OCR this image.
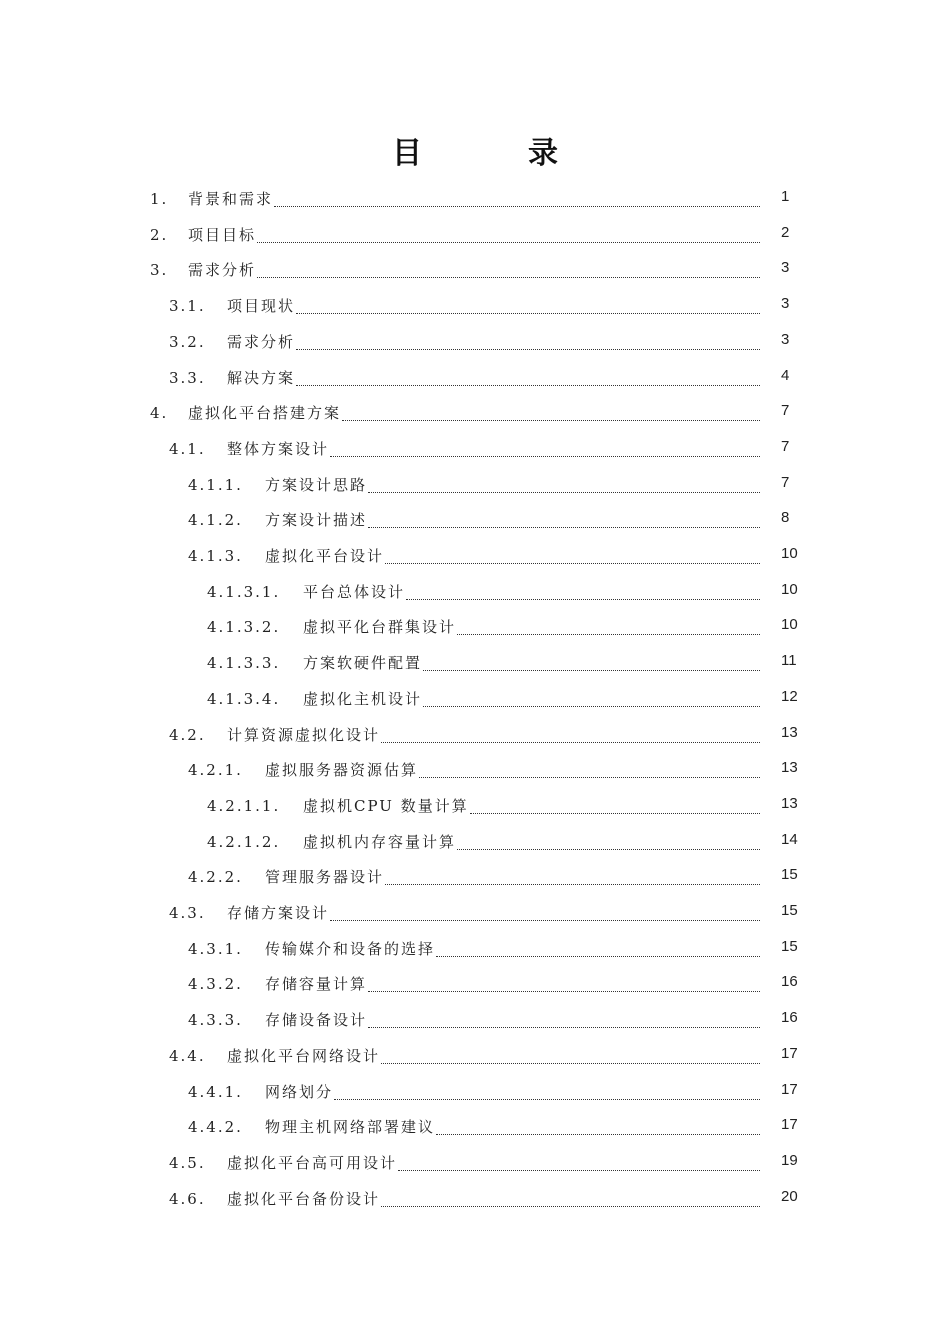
目　录
1.	背景和需求	1
2.	项目目标	2
3.	需求分析	3
3.1.	项目现状	3
3.2.	需求分析	3
3.3.	解决方案	4
4.	虚拟化平台搭建方案	7
4.1.	整体方案设计	7
4.1.1.	方案设计思路	7
4.1.2.	方案设计描述	8
4.1.3.	虚拟化平台设计	10
4.1.3.1.	平台总体设计	10
4.1.3.2.	虚拟平化台群集设计	10
4.1.3.3.	方案软硬件配置	11
4.1.3.4.	虚拟化主机设计	12
4.2.	计算资源虚拟化设计	13
4.2.1.	虚拟服务器资源估算	13
4.2.1.1.	虚拟机CPU 数量计算	13
4.2.1.2.	虚拟机内存容量计算	14
4.2.2.	管理服务器设计	15
4.3.	存储方案设计	15
4.3.1.	传输媒介和设备的选择	15
4.3.2.	存储容量计算	16
4.3.3.	存储设备设计	16
4.4.	虚拟化平台网络设计	17
4.4.1.	网络划分	17
4.4.2.	物理主机网络部署建议	17
4.5.	虚拟化平台高可用设计	19
4.6.	虚拟化平台备份设计	20
